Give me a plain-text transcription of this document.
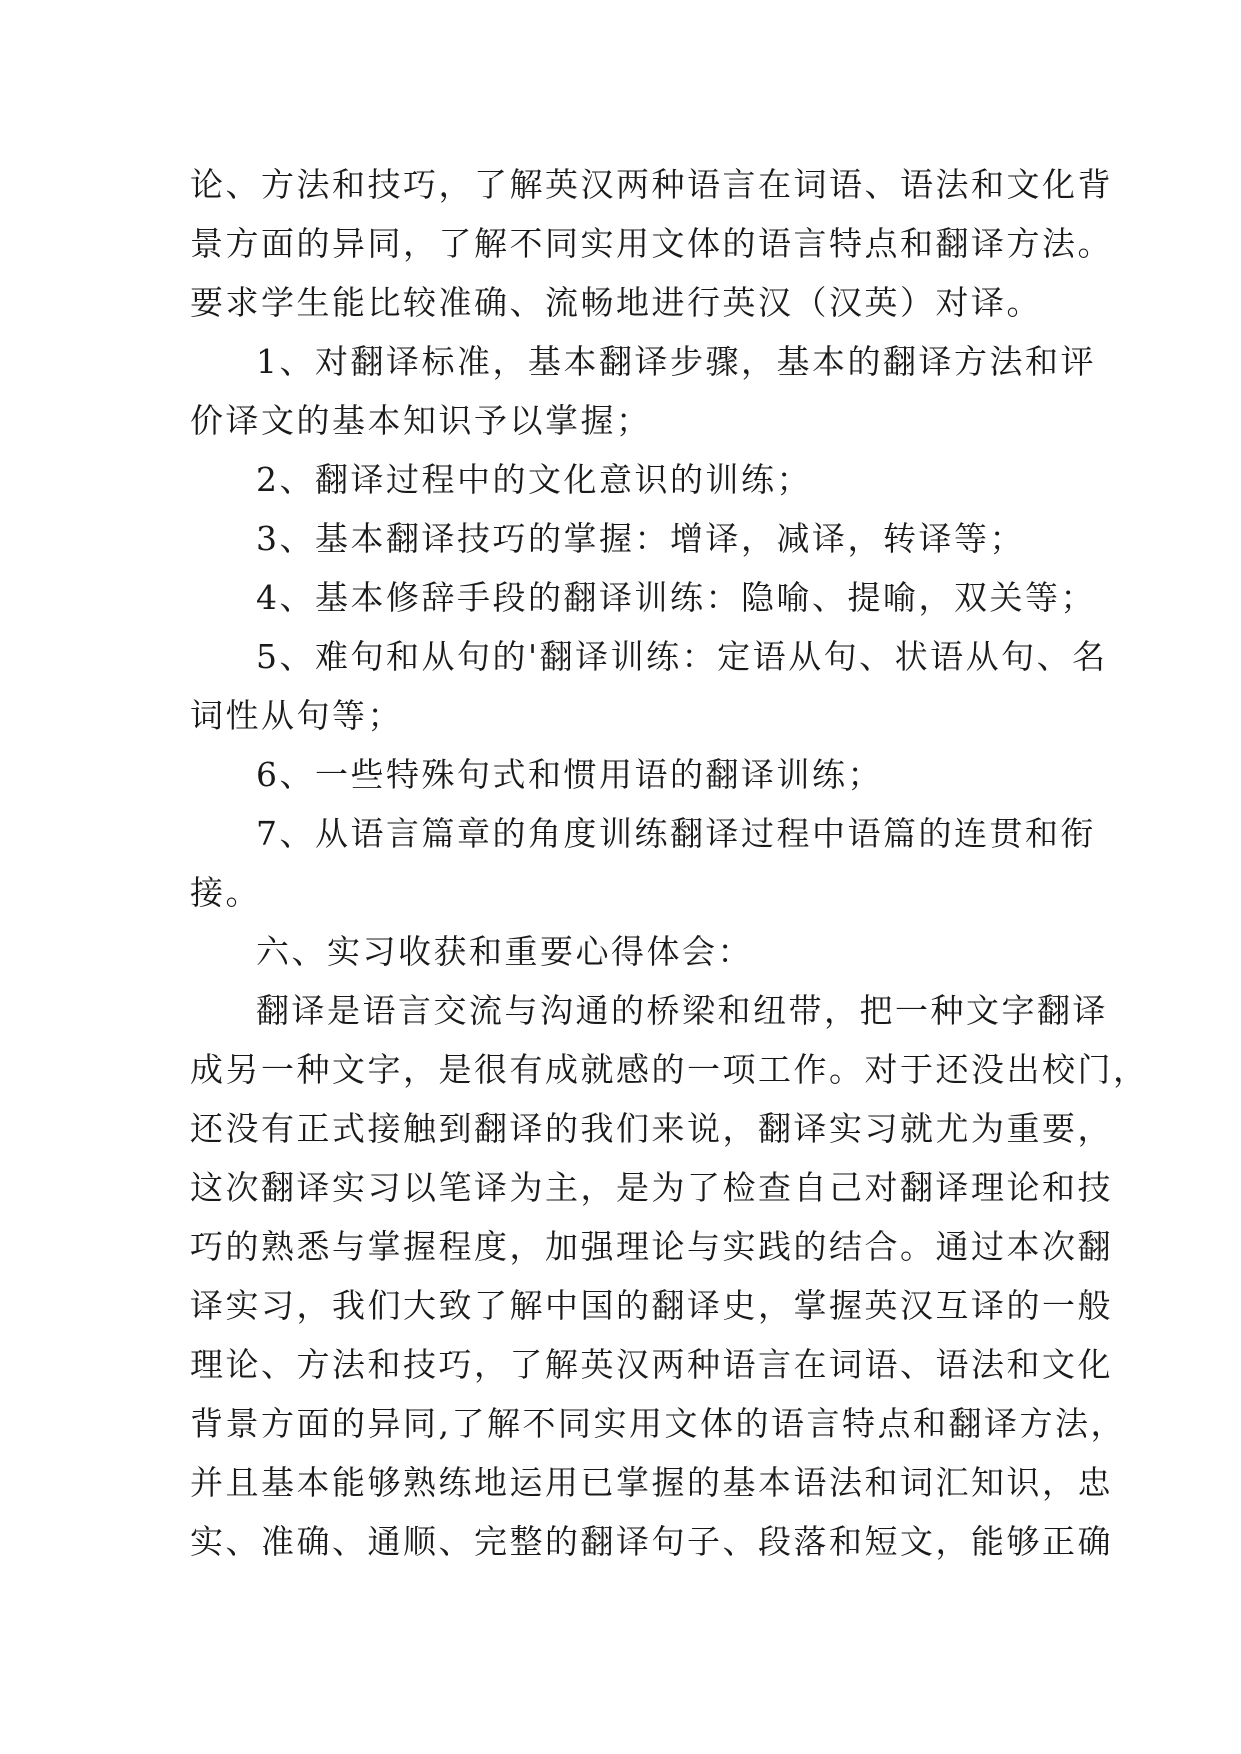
论、方法和技巧，了解英汉两种语言在词语、语法和文化背
景方面的异同，了解不同实用文体的语言特点和翻译方法。
要求学生能比较准确、流畅地进行英汉（汉英）对译。
1、对翻译标准，基本翻译步骤，基本的翻译方法和评
价译文的基本知识予以掌握；
2、翻译过程中的文化意识的训练；
3、基本翻译技巧的掌握：增译，减译，转译等；
4、基本修辞手段的翻译训练：隐喻、提喻，双关等；
5、难句和从句的'翻译训练：定语从句、状语从句、名
词性从句等；
6、一些特殊句式和惯用语的翻译训练；
7、从语言篇章的角度训练翻译过程中语篇的连贯和衔
接。
六、实习收获和重要心得体会：
翻译是语言交流与沟通的桥梁和纽带，把一种文字翻译
成另一种文字，是很有成就感的一项工作。对于还没出校门，
还没有正式接触到翻译的我们来说，翻译实习就尤为重要，
这次翻译实习以笔译为主，是为了检查自己对翻译理论和技
巧的熟悉与掌握程度，加强理论与实践的结合。通过本次翻
译实习，我们大致了解中国的翻译史，掌握英汉互译的一般
理论、方法和技巧，了解英汉两种语言在词语、语法和文化
背景方面的异同,了解不同实用文体的语言特点和翻译方法，
并且基本能够熟练地运用已掌握的基本语法和词汇知识，忠
实、准确、通顺、完整的翻译句子、段落和短文，能够正确
